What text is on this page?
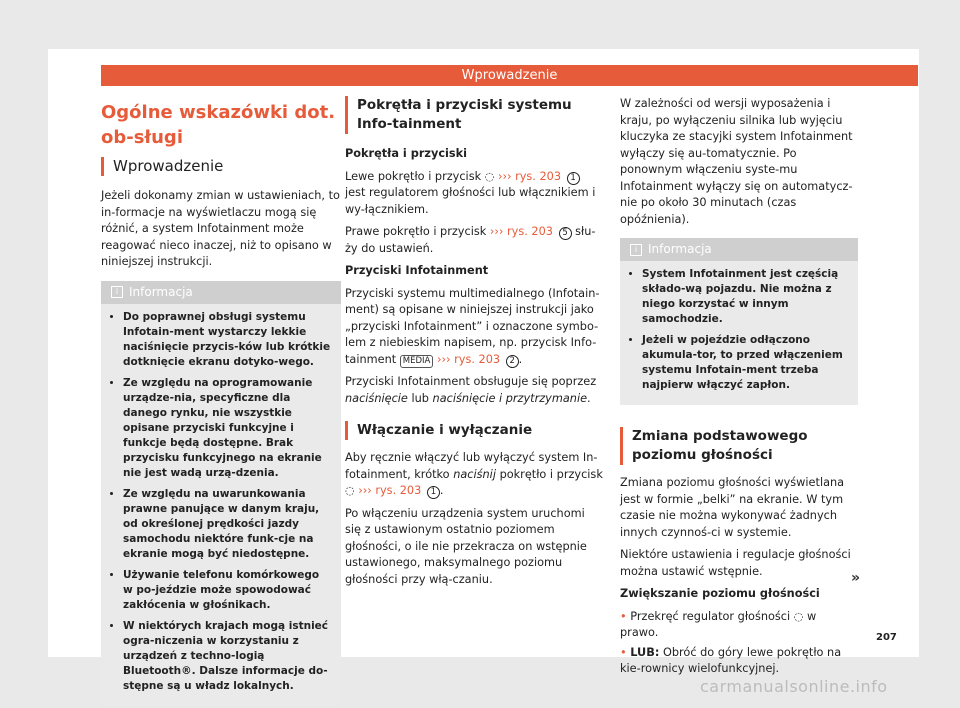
Wprowadzenie
Ogólne wskazówki dot. ob-sługi
Wprowadzenie

Jeżeli dokonamy zmian w ustawieniach, to in-formacje na wyświetlaczu mogą się różnić, a system Infotainment może reagować nieco inaczej, niż to opisano w niniejszej instrukcji.

i Informacja
• Do poprawnej obsługi systemu Infotain-ment wystarczy lekkie naciśnięcie przycis-ków lub krótkie dotknięcie ekranu dotyko-wego.
• Ze względu na oprogramowanie urządze-nia, specyficzne dla danego rynku, nie wszystkie opisane przyciski funkcyjne i funkcje będą dostępne. Brak przycisku funkcyjnego na ekranie nie jest wadą urzą-dzenia.
• Ze względu na uwarunkowania prawne panujące w danym kraju, od określonej prędkości jazdy samochodu niektóre funk-cje na ekranie mogą być niedostępne.
• Używanie telefonu komórkowego w po-jeździe może spowodować zakłócenia w głośnikach.
• W niektórych krajach mogą istnieć ogra-niczenia w korzystaniu z urządzeń z techno-logią Bluetooth®. Dalsze informacje do-stępne są u władz lokalnych.
Pokrętła i przyciski systemu Info-tainment

Pokrętła i przyciski

Lewe pokrętło i przycisk ◌ ››› rys. 203 1 jest regulatorem głośności lub włącznikiem i wy-łącznikiem.

Prawe pokrętło i przycisk ››› rys. 203 5 słu-ży do ustawień.

Przyciski Infotainment

Przyciski systemu multimedialnego (Infotain-ment) są opisane w niniejszej instrukcji jako „przyciski Infotainment” i oznaczone symbo-lem z niebieskim napisem, np. przycisk Info-tainment MEDIA ››› rys. 203 2 .

Przyciski Infotainment obsługuje się poprzez naciśnięcie lub naciśnięcie i przytrzymanie.

Włączanie i wyłączanie

Aby ręcznie włączyć lub wyłączyć system In-fotainment, krótko naciśnij pokrętło i przycisk ◌ ››› rys. 203 1 .

Po włączeniu urządzenia system uruchomi się z ustawionym ostatnio poziomem głośności, o ile nie przekracza on wstępnie ustawionego, maksymalnego poziomu głośności przy włą-czaniu.

W zależności od wersji wyposażenia i kraju, po wyłączeniu silnika lub wyjęciu kluczyka ze stacyjki system Infotainment wyłączy się au-tomatycznie. Po ponownym włączeniu syste-mu Infotainment wyłączy się on automatycz-nie po około 30 minutach (czas opóźnienia).

i Informacja
• System Infotainment jest częścią składo-wą pojazdu. Nie można z niego korzystać w innym samochodzie.
• Jeżeli w pojeździe odłączono akumula-tor, to przed włączeniem systemu Infotain-ment trzeba najpierw włączyć zapłon.
Zmiana podstawowego poziomu głośności

Zmiana poziomu głośności wyświetlana jest w formie „belki” na ekranie. W tym czasie nie można wykonywać żadnych innych czynnoś-ci w systemie.

Niektóre ustawienia i regulacje głośności można ustawić wstępnie.

Zwiększanie poziomu głośności

• Przekręć regulator głośności ◌ w prawo.

• LUB: Obróć do góry lewe pokrętło na kie-rownicy wielofunkcyjnej.

»
207
carmanualsonline.info
